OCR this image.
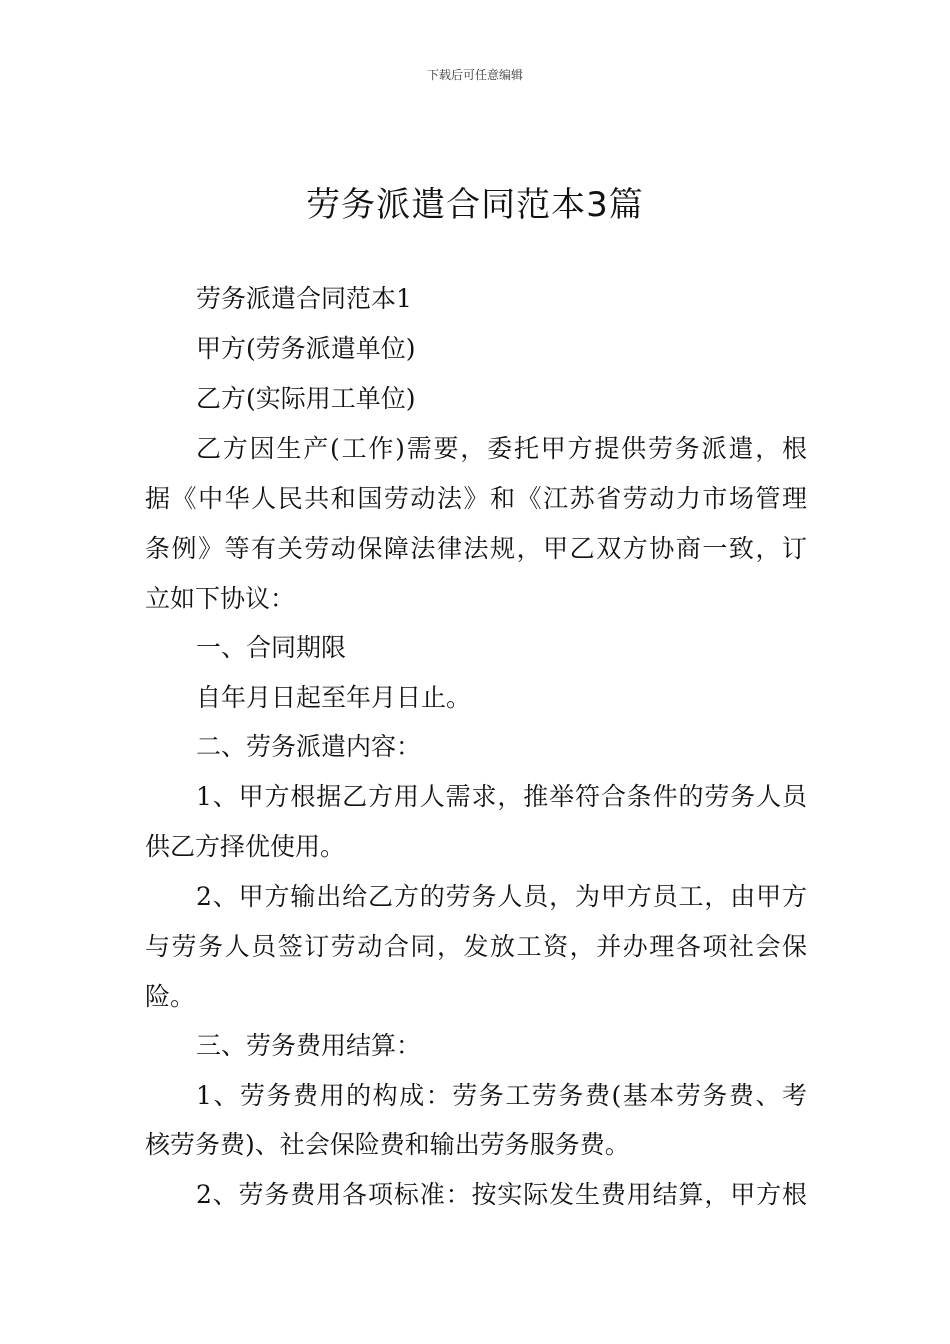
下载后可任意编辑
劳务派遣合同范本3篇
劳务派遣合同范本1
甲方(劳务派遣单位)
乙方(实际用工单位)
乙方因生产(工作)需要，委托甲方提供劳务派遣，根
据《中华人民共和国劳动法》和《江苏省劳动力市场管理
条例》等有关劳动保障法律法规，甲乙双方协商一致，订
立如下协议：
一、合同期限
自年月日起至年月日止。
二、劳务派遣内容：
1、甲方根据乙方用人需求，推举符合条件的劳务人员
供乙方择优使用。
2、甲方输出给乙方的劳务人员，为甲方员工，由甲方
与劳务人员签订劳动合同，发放工资，并办理各项社会保
险。
三、劳务费用结算：
1、劳务费用的构成：劳务工劳务费(基本劳务费、考
核劳务费)、社会保险费和输出劳务服务费。
2、劳务费用各项标准：按实际发生费用结算，甲方根
